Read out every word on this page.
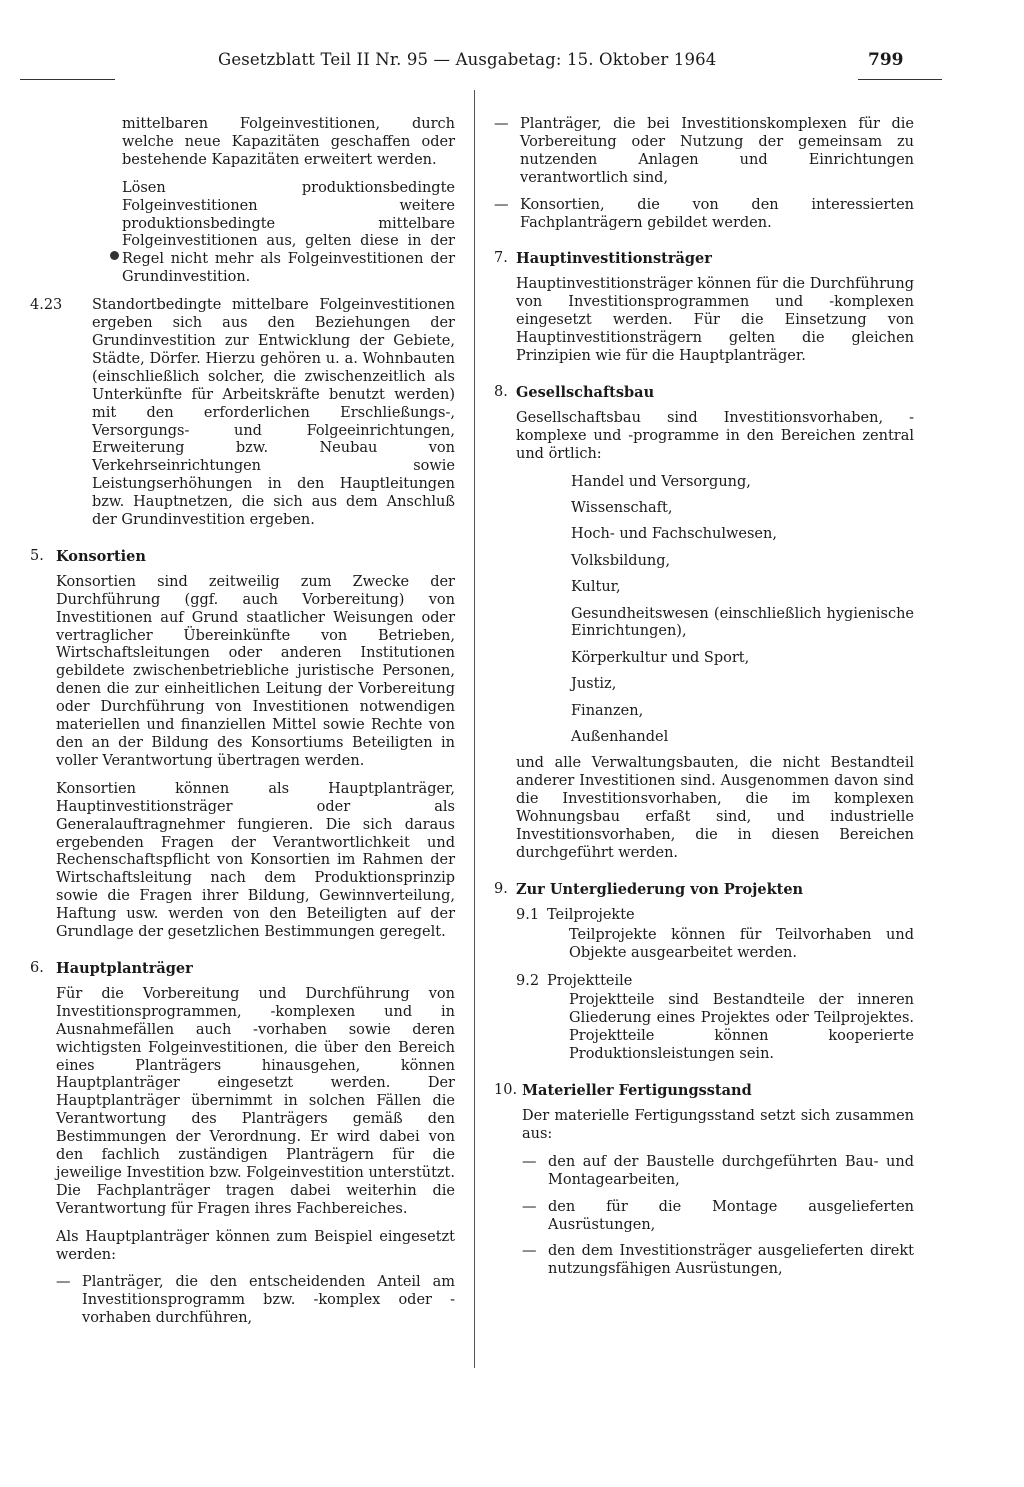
Gesetzblatt Teil II Nr. 95 — Ausgabetag: 15. Oktober 1964	799

mittelbaren Folgeinvestitionen, durch welche neue Kapazitäten geschaffen oder bestehende Kapazitäten erweitert werden.

Lösen produktionsbedingte Folgeinvestitionen weitere produktionsbedingte mittelbare Folgeinvestitionen aus, gelten diese in der Regel nicht mehr als Folgeinvestitionen der Grundinvestition.

4.23	Standortbedingte mittelbare Folgeinvestitionen ergeben sich aus den Beziehungen der Grundinvestition zur Entwicklung der Gebiete, Städte, Dörfer. Hierzu gehören u. a. Wohnbauten (einschließlich solcher, die zwischenzeitlich als Unterkünfte für Arbeitskräfte benutzt werden) mit den erforderlichen Erschließungs-, Versorgungs- und Folgeeinrichtungen, Erweiterung bzw. Neubau von Verkehrseinrichtungen sowie Leistungserhöhungen in den Hauptleitungen bzw. Hauptnetzen, die sich aus dem Anschluß der Grundinvestition ergeben.
5. Konsortien

Konsortien sind zeitweilig zum Zwecke der Durchführung (ggf. auch Vorbereitung) von Investitionen auf Grund staatlicher Weisungen oder vertraglicher Übereinkünfte von Betrieben, Wirtschaftsleitungen oder anderen Institutionen gebildete zwischenbetriebliche juristische Personen, denen die zur einheitlichen Leitung der Vorbereitung oder Durchführung von Investitionen notwendigen materiellen und finanziellen Mittel sowie Rechte von den an der Bildung des Konsortiums Beteiligten in voller Verantwortung übertragen werden.

Konsortien können als Hauptplanträger, Hauptinvestitionsträger oder als Generalauftragnehmer fungieren. Die sich daraus ergebenden Fragen der Verantwortlichkeit und Rechenschaftspflicht von Konsortien im Rahmen der Wirtschaftsleitung nach dem Produktionsprinzip sowie die Fragen ihrer Bildung, Gewinnverteilung, Haftung usw. werden von den Beteiligten auf der Grundlage der gesetzlichen Bestimmungen geregelt.

6. Hauptplanträger

Für die Vorbereitung und Durchführung von Investitionsprogrammen, -komplexen und in Ausnahmefällen auch -vorhaben sowie deren wichtigsten Folgeinvestitionen, die über den Bereich eines Planträgers hinausgehen, können Hauptplanträger eingesetzt werden. Der Hauptplanträger übernimmt in solchen Fällen die Verantwortung des Planträgers gemäß den Bestimmungen der Verordnung. Er wird dabei von den fachlich zuständigen Planträgern für die jeweilige Investition bzw. Folgeinvestition unterstützt. Die Fachplanträger tragen dabei weiterhin die Verantwortung für Fragen ihres Fachbereiches.

Als Hauptplanträger können zum Beispiel eingesetzt werden:

— Planträger, die den entscheidenden Anteil am Investitionsprogramm bzw. -komplex oder -vorhaben durchführen,
— Planträger, die bei Investitionskomplexen für die Vorbereitung oder Nutzung der gemeinsam zu nutzenden Anlagen und Einrichtungen verantwortlich sind,
— Konsortien, die von den interessierten Fachplanträgern gebildet werden.
7. Hauptinvestitionsträger

Hauptinvestitionsträger können für die Durchführung von Investitionsprogrammen und -komplexen eingesetzt werden. Für die Einsetzung von Hauptinvestitionsträgern gelten die gleichen Prinzipien wie für die Hauptplanträger.

8. Gesellschaftsbau

Gesellschaftsbau sind Investitionsvorhaben, -komplexe und -programme in den Bereichen zentral und örtlich:

Handel und Versorgung,
Wissenschaft,
Hoch- und Fachschulwesen,
Volksbildung,
Kultur,
Gesundheitswesen (einschließlich hygienische Einrichtungen),
Körperkultur und Sport,
Justiz,
Finanzen,
Außenhandel

und alle Verwaltungsbauten, die nicht Bestandteil anderer Investitionen sind. Ausgenommen davon sind die Investitionsvorhaben, die im komplexen Wohnungsbau erfaßt sind, und industrielle Investitionsvorhaben, die in diesen Bereichen durchgeführt werden.

9. Zur Untergliederung von Projekten
9.1 Teilprojekte
Teilprojekte können für Teilvorhaben und Objekte ausgearbeitet werden.
9.2 Projektteile
Projektteile sind Bestandteile der inneren Gliederung eines Projektes oder Teilprojektes. Projektteile können kooperierte Produktionsleistungen sein.
10. Materieller Fertigungsstand

Der materielle Fertigungsstand setzt sich zusammen aus:

— den auf der Baustelle durchgeführten Bau- und Montagearbeiten,
— den für die Montage ausgelieferten Ausrüstungen,
— den dem Investitionsträger ausgelieferten direkt nutzungsfähigen Ausrüstungen,
